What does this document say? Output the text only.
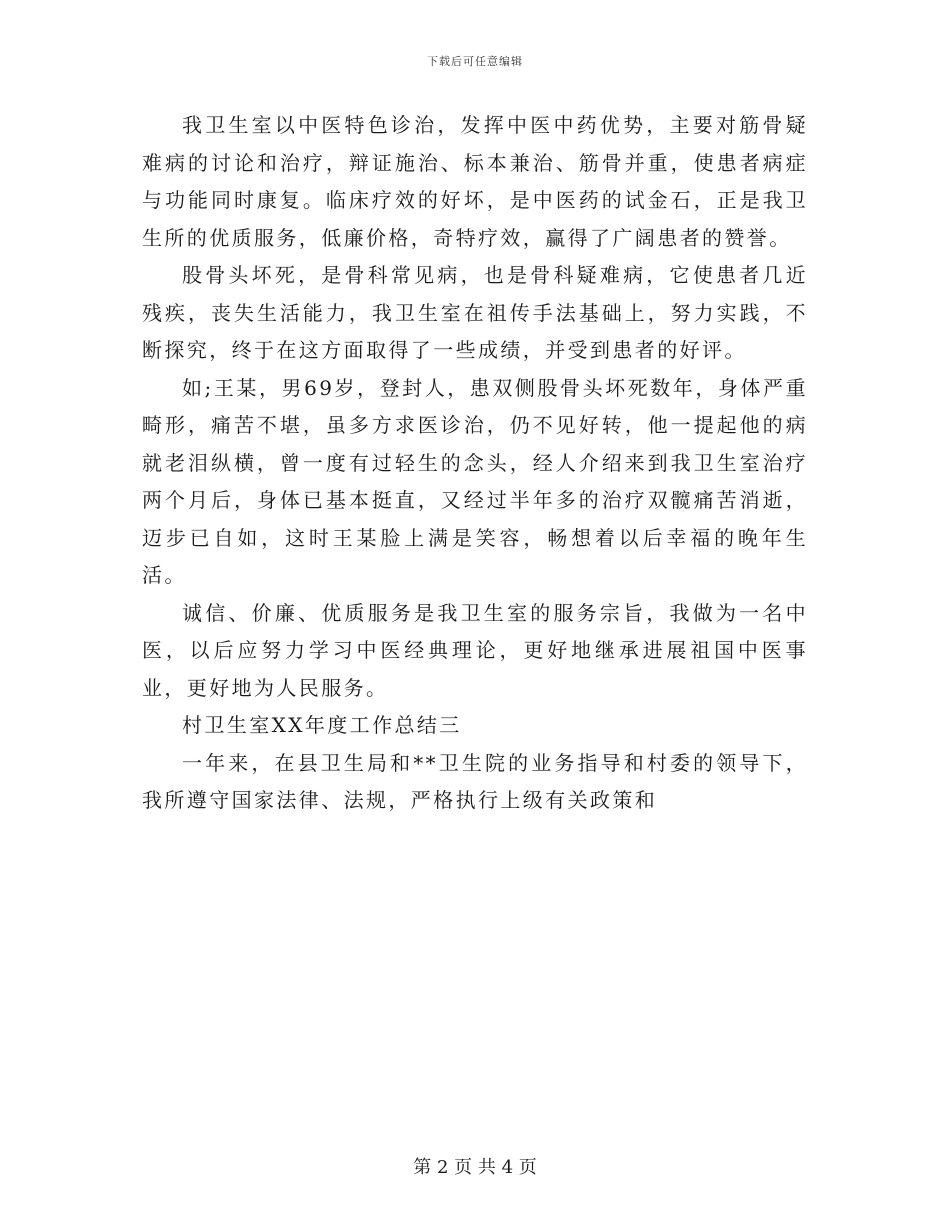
下载后可任意编辑

我卫生室以中医特色诊治，发挥中医中药优势，主要对筋骨疑难病的讨论和治疗，辩证施治、标本兼治、筋骨并重，使患者病症与功能同时康复。临床疗效的好坏，是中医药的试金石，正是我卫生所的优质服务，低廉价格，奇特疗效，赢得了广阔患者的赞誉。

股骨头坏死，是骨科常见病，也是骨科疑难病，它使患者几近残疾，丧失生活能力，我卫生室在祖传手法基础上，努力实践，不断探究，终于在这方面取得了一些成绩，并受到患者的好评。

如;王某，男69岁，登封人，患双侧股骨头坏死数年，身体严重畸形，痛苦不堪，虽多方求医诊治，仍不见好转，他一提起他的病就老泪纵横，曾一度有过轻生的念头，经人介绍来到我卫生室治疗两个月后，身体已基本挺直，又经过半年多的治疗双髋痛苦消逝，迈步已自如，这时王某脸上满是笑容，畅想着以后幸福的晚年生活。

诚信、价廉、优质服务是我卫生室的服务宗旨，我做为一名中医，以后应努力学习中医经典理论，更好地继承进展祖国中医事业，更好地为人民服务。

村卫生室XX年度工作总结三

一年来，在县卫生局和**卫生院的业务指导和村委的领导下，我所遵守国家法律、法规，严格执行上级有关政策和

第 2 页 共 4 页
